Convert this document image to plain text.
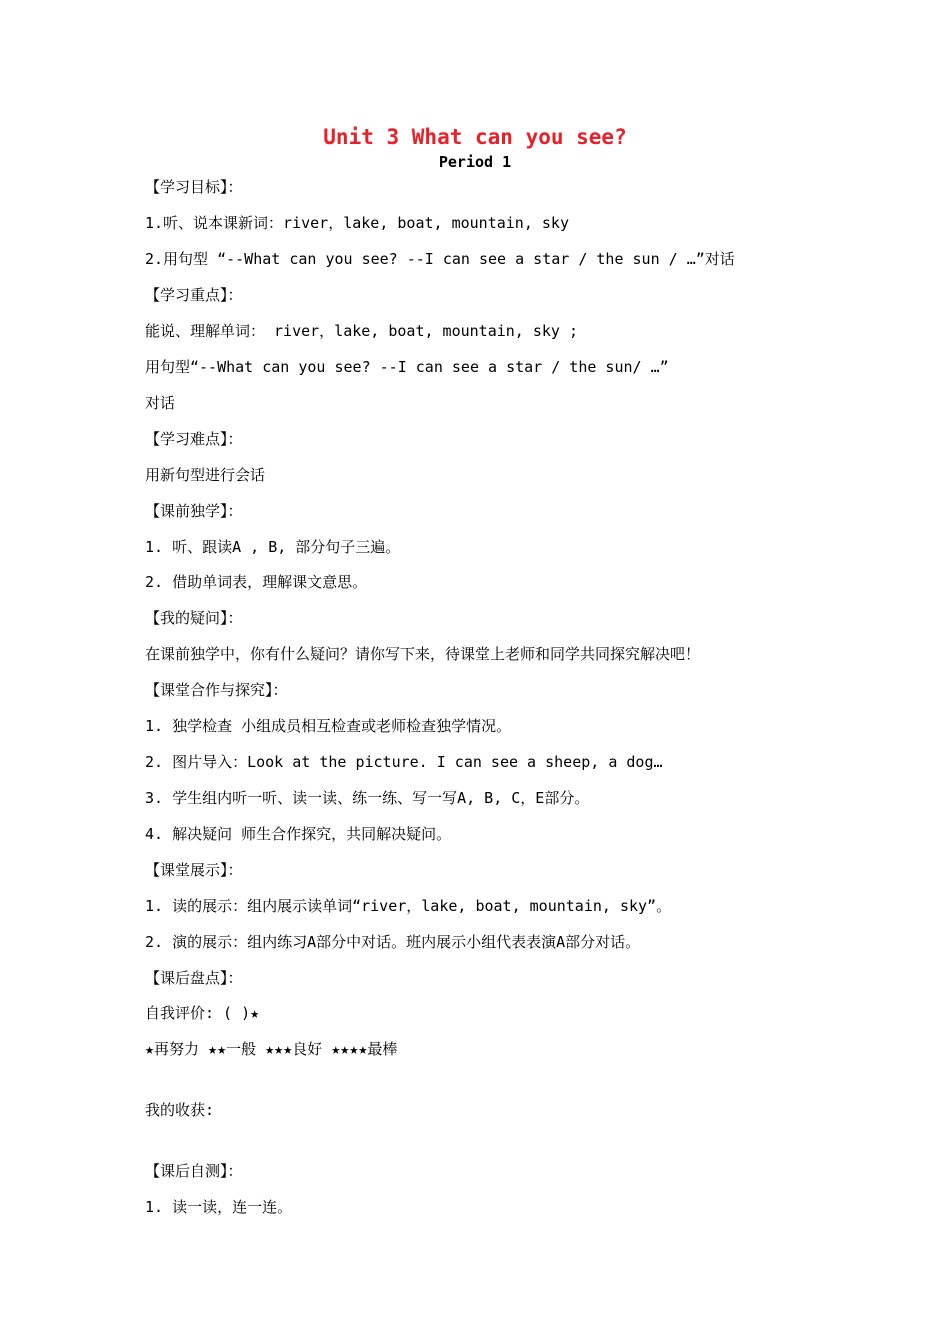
Unit 3 What can you see?
Period 1
【学习目标】：
1.听、说本课新词：river，lake, boat, mountain, sky
2.用句型 “--What can you see? --I can see a star / the sun / …”对话
【学习重点】：
能说、理解单词： river，lake, boat, mountain, sky ;
用句型“--What can you see? --I can see a star / the sun/ …”
对话
【学习难点】：
用新句型进行会话
【课前独学】：
1. 听、跟读A , B, 部分句子三遍。
2. 借助单词表，理解课文意思。
【我的疑问】：
在课前独学中，你有什么疑问？请你写下来，待课堂上老师和同学共同探究解决吧！
【课堂合作与探究】：
1. 独学检查 小组成员相互检查或老师检查独学情况。
2. 图片导入：Look at the picture. I can see a sheep, a dog…
3. 学生组内听一听、读一读、练一练、写一写A, B, C，E部分。
4. 解决疑问 师生合作探究，共同解决疑问。
【课堂展示】：
1. 读的展示：组内展示读单词“river，lake, boat, mountain, sky”。
2. 演的展示：组内练习A部分中对话。班内展示小组代表表演A部分对话。
【课后盘点】：
自我评价: ( )★
★再努力 ★★一般 ★★★良好 ★★★★最棒
我的收获:
【课后自测】：
1. 读一读，连一连。
